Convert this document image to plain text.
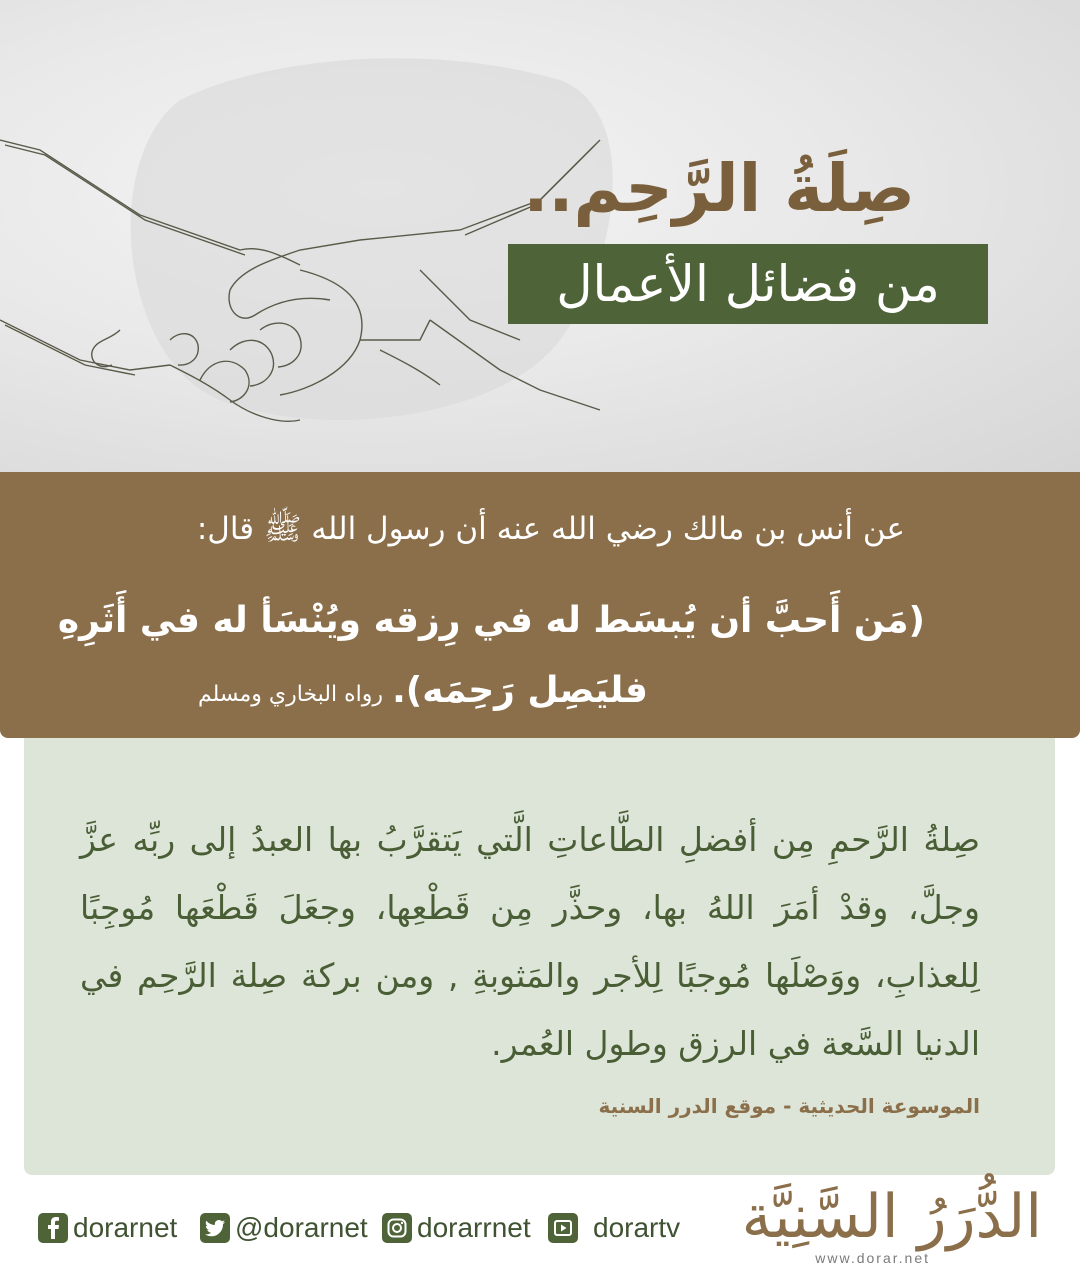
صِلَةُ الرَّحِم..
من فضائل الأعمال
عن أنس بن مالك رضي الله عنه أن رسول الله ﷺ قال:
(مَن أَحبَّ أن يُبسَط له في رِزقه ويُنْسَأ له في أَثَرِهِ
فليَصِل رَحِمَه).
رواه البخاري ومسلم
صِلةُ الرَّحمِ مِن أفضلِ الطَّاعاتِ الَّتي يَتقرَّبُ بها العبدُ إلى ربِّه عزَّ وجلَّ، وقدْ أمَرَ اللهُ بها، وحذَّر مِن قَطْعِها، وجعَلَ قَطْعَها مُوجِبًا لِلعذابِ، ووَصْلَها مُوجبًا لِلأجر والمَثوبةِ , ومن بركة صِلة الرَّحِم في الدنيا السَّعة في الرزق وطول العُمر.
الموسوعة الحديثية - موقع الدرر السنية
dorarnet @dorarnet dorarrnet dorartv الدُّرَرُ السَّنِيَّة
www.dorar.net
